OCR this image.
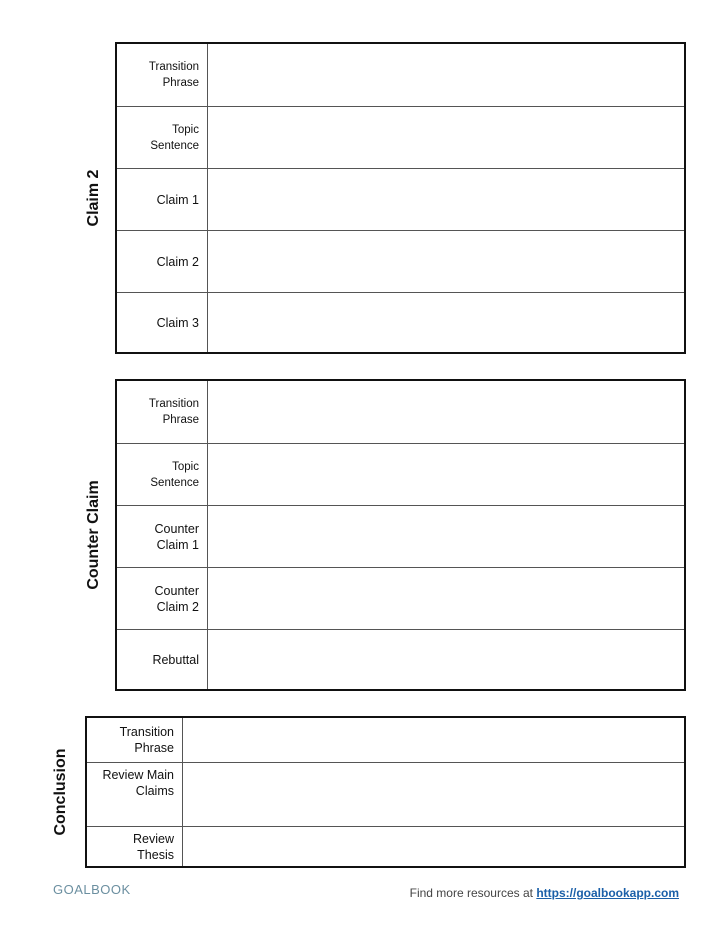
Claim 2
Transition
Phrase
Topic
Sentence
Claim 1
Claim 2
Claim 3
Counter Claim
Transition
Phrase
Topic
Sentence
Counter
Claim 1
Counter
Claim 2
Rebuttal
Conclusion
Transition
Phrase
Review Main
Claims
Review
Thesis
GOALBOOK	Find more resources at https://goalbookapp.com
